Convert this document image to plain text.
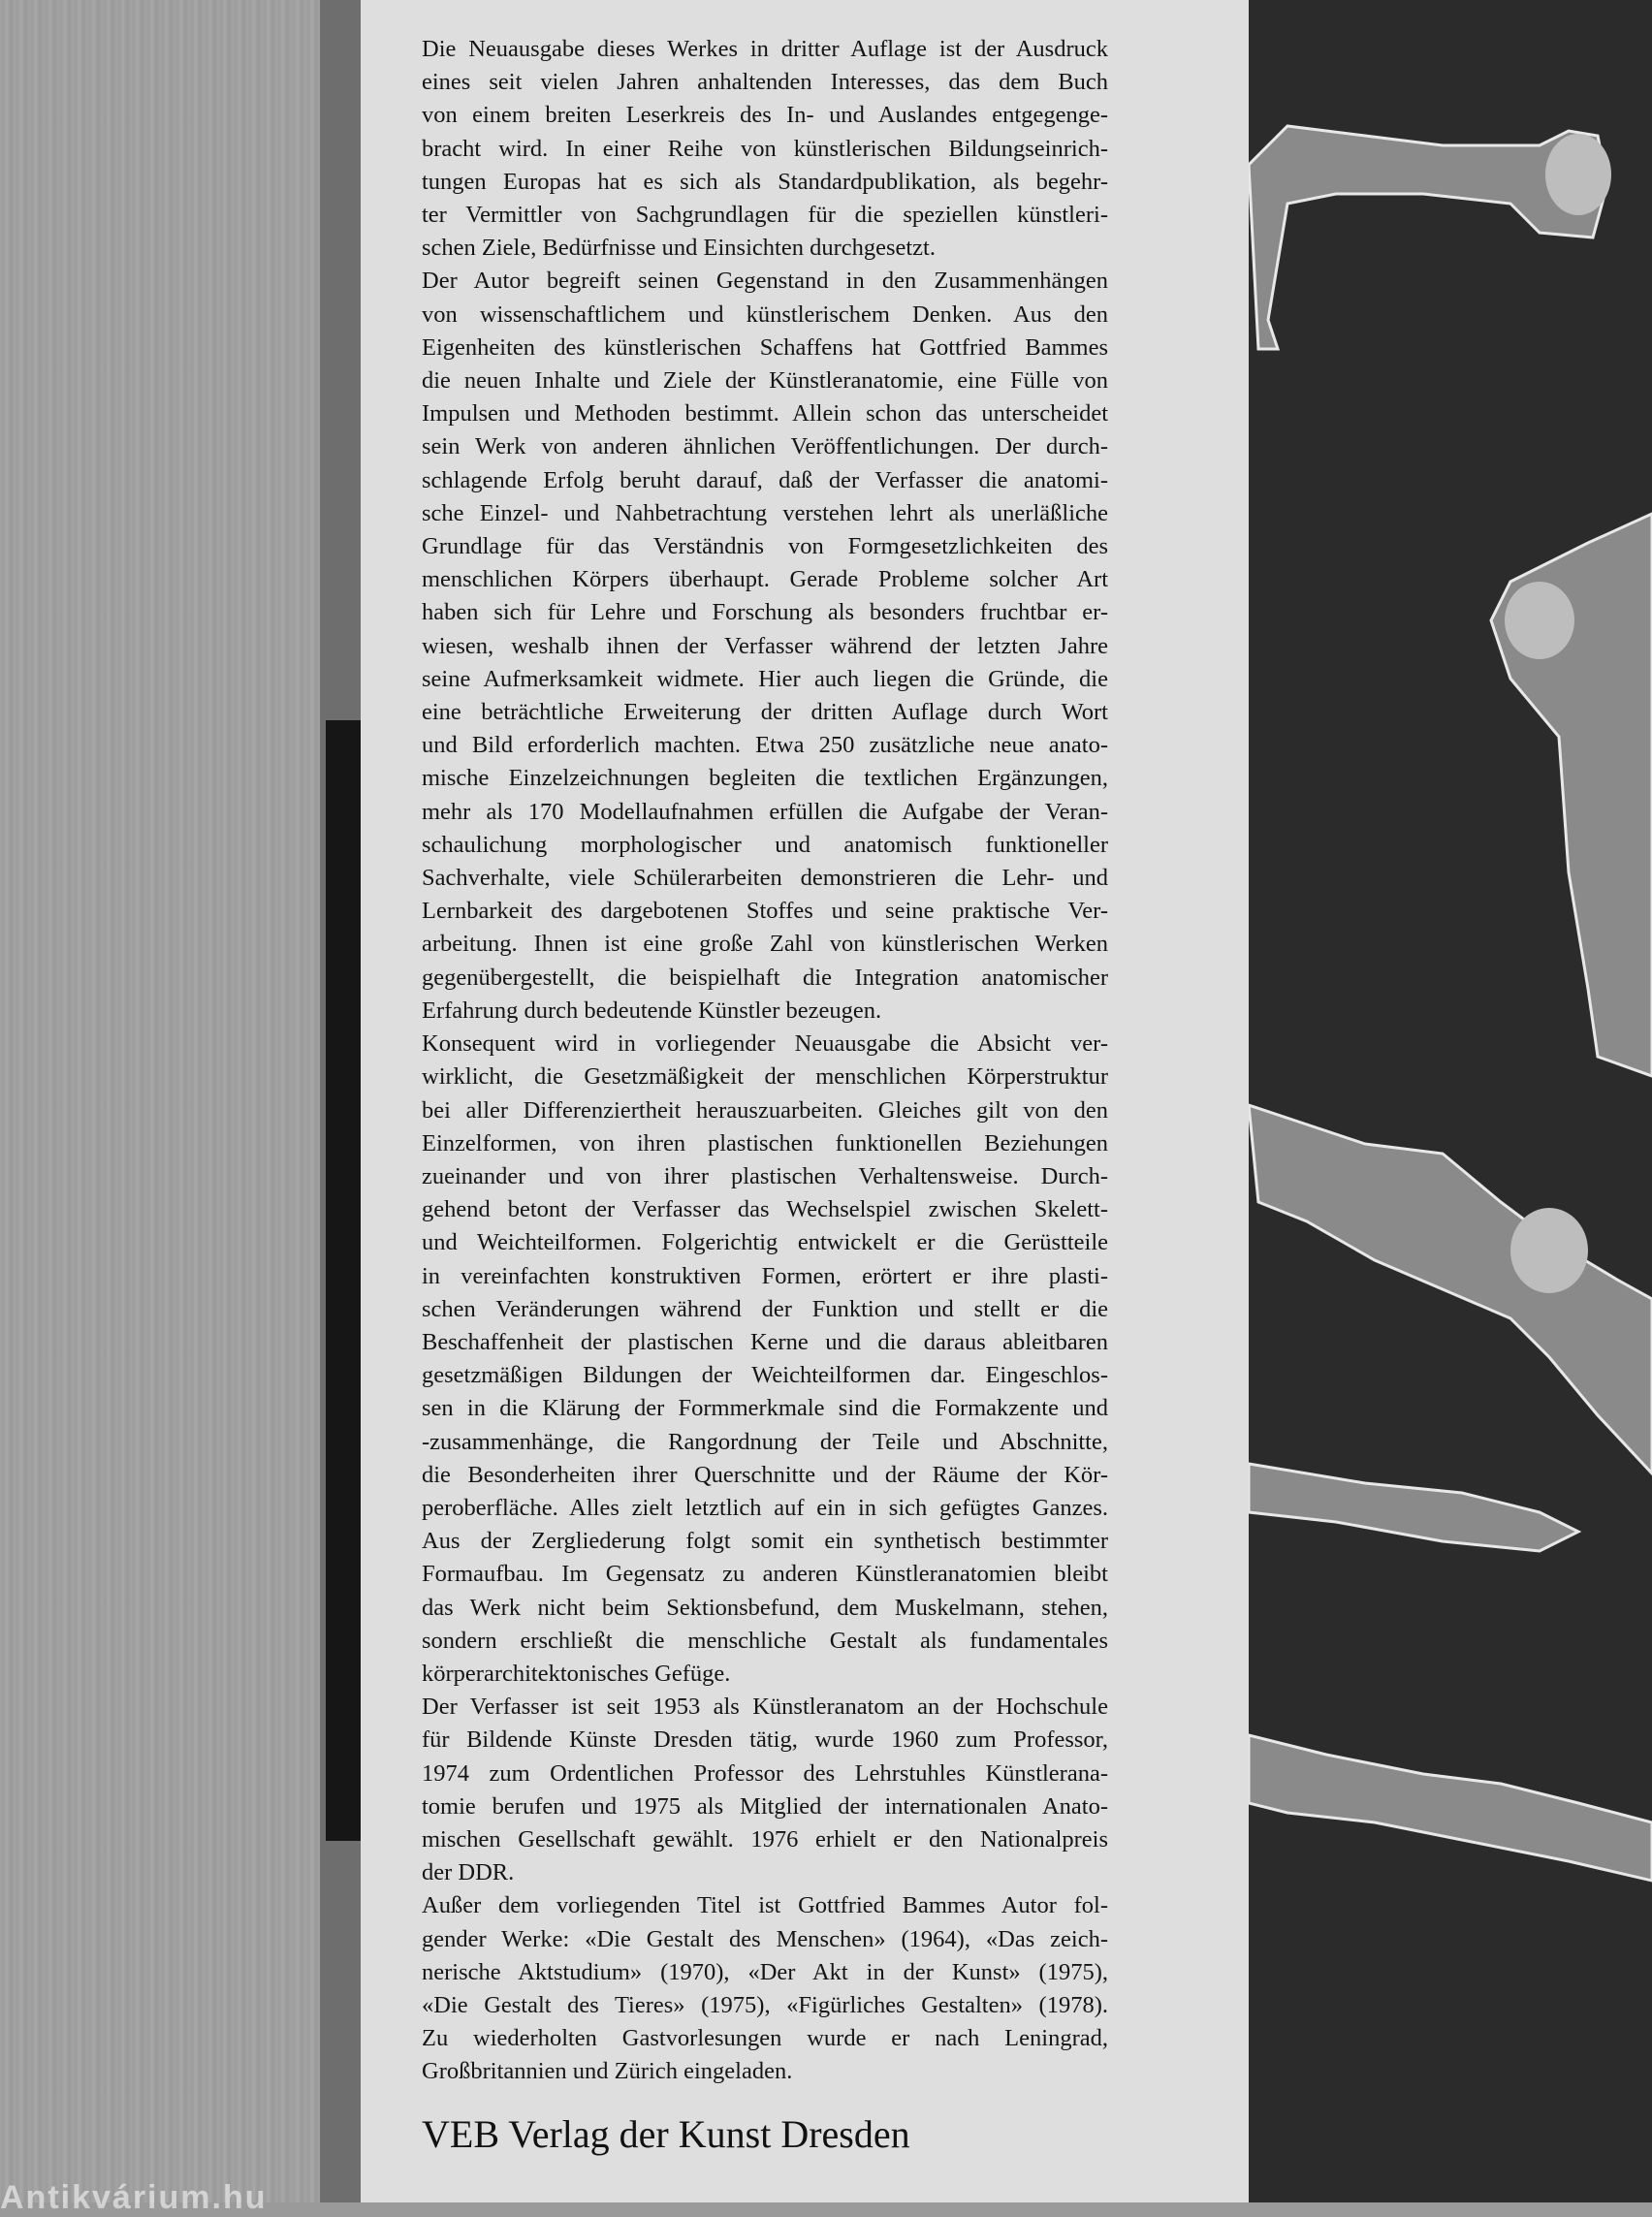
Die Neuausgabe dieses Werkes in dritter Auflage ist der Ausdruck
eines seit vielen Jahren anhaltenden Interesses, das dem Buch
von einem breiten Leserkreis des In- und Auslandes entgegenge-
bracht wird. In einer Reihe von künstlerischen Bildungseinrich-
tungen Europas hat es sich als Standardpublikation, als begehr-
ter Vermittler von Sachgrundlagen für die speziellen künstleri-
schen Ziele, Bedürfnisse und Einsichten durchgesetzt.
Der Autor begreift seinen Gegenstand in den Zusammenhängen
von wissenschaftlichem und künstlerischem Denken. Aus den
Eigenheiten des künstlerischen Schaffens hat Gottfried Bammes
die neuen Inhalte und Ziele der Künstleranatomie, eine Fülle von
Impulsen und Methoden bestimmt. Allein schon das unterscheidet
sein Werk von anderen ähnlichen Veröffentlichungen. Der durch-
schlagende Erfolg beruht darauf, daß der Verfasser die anatomi-
sche Einzel- und Nahbetrachtung verstehen lehrt als unerläßliche
Grundlage für das Verständnis von Formgesetzlichkeiten des
menschlichen Körpers überhaupt. Gerade Probleme solcher Art
haben sich für Lehre und Forschung als besonders fruchtbar er-
wiesen, weshalb ihnen der Verfasser während der letzten Jahre
seine Aufmerksamkeit widmete. Hier auch liegen die Gründe, die
eine beträchtliche Erweiterung der dritten Auflage durch Wort
und Bild erforderlich machten. Etwa 250 zusätzliche neue anato-
mische Einzelzeichnungen begleiten die textlichen Ergänzungen,
mehr als 170 Modellaufnahmen erfüllen die Aufgabe der Veran-
schaulichung morphologischer und anatomisch funktioneller
Sachverhalte, viele Schülerarbeiten demonstrieren die Lehr- und
Lernbarkeit des dargebotenen Stoffes und seine praktische Ver-
arbeitung. Ihnen ist eine große Zahl von künstlerischen Werken
gegenübergestellt, die beispielhaft die Integration anatomischer
Erfahrung durch bedeutende Künstler bezeugen.
Konsequent wird in vorliegender Neuausgabe die Absicht ver-
wirklicht, die Gesetzmäßigkeit der menschlichen Körperstruktur
bei aller Differenziertheit herauszuarbeiten. Gleiches gilt von den
Einzelformen, von ihren plastischen funktionellen Beziehungen
zueinander und von ihrer plastischen Verhaltensweise. Durch-
gehend betont der Verfasser das Wechselspiel zwischen Skelett-
und Weichteilformen. Folgerichtig entwickelt er die Gerüstteile
in vereinfachten konstruktiven Formen, erörtert er ihre plasti-
schen Veränderungen während der Funktion und stellt er die
Beschaffenheit der plastischen Kerne und die daraus ableitbaren
gesetzmäßigen Bildungen der Weichteilformen dar. Eingeschlos-
sen in die Klärung der Formmerkmale sind die Formakzente und
-zusammenhänge, die Rangordnung der Teile und Abschnitte,
die Besonderheiten ihrer Querschnitte und der Räume der Kör-
peroberfläche. Alles zielt letztlich auf ein in sich gefügtes Ganzes.
Aus der Zergliederung folgt somit ein synthetisch bestimmter
Formaufbau. Im Gegensatz zu anderen Künstleranatomien bleibt
das Werk nicht beim Sektionsbefund, dem Muskelmann, stehen,
sondern erschließt die menschliche Gestalt als fundamentales
körperarchitektonisches Gefüge.
Der Verfasser ist seit 1953 als Künstleranatom an der Hochschule
für Bildende Künste Dresden tätig, wurde 1960 zum Professor,
1974 zum Ordentlichen Professor des Lehrstuhles Künstlerana-
tomie berufen und 1975 als Mitglied der internationalen Anato-
mischen Gesellschaft gewählt. 1976 erhielt er den Nationalpreis
der DDR.
Außer dem vorliegenden Titel ist Gottfried Bammes Autor fol-
gender Werke: «Die Gestalt des Menschen» (1964), «Das zeich-
nerische Aktstudium» (1970), «Der Akt in der Kunst» (1975),
«Die Gestalt des Tieres» (1975), «Figürliches Gestalten» (1978).
Zu wiederholten Gastvorlesungen wurde er nach Leningrad,
Großbritannien und Zürich eingeladen.
VEB Verlag der Kunst Dresden
Antikvárium.hu
